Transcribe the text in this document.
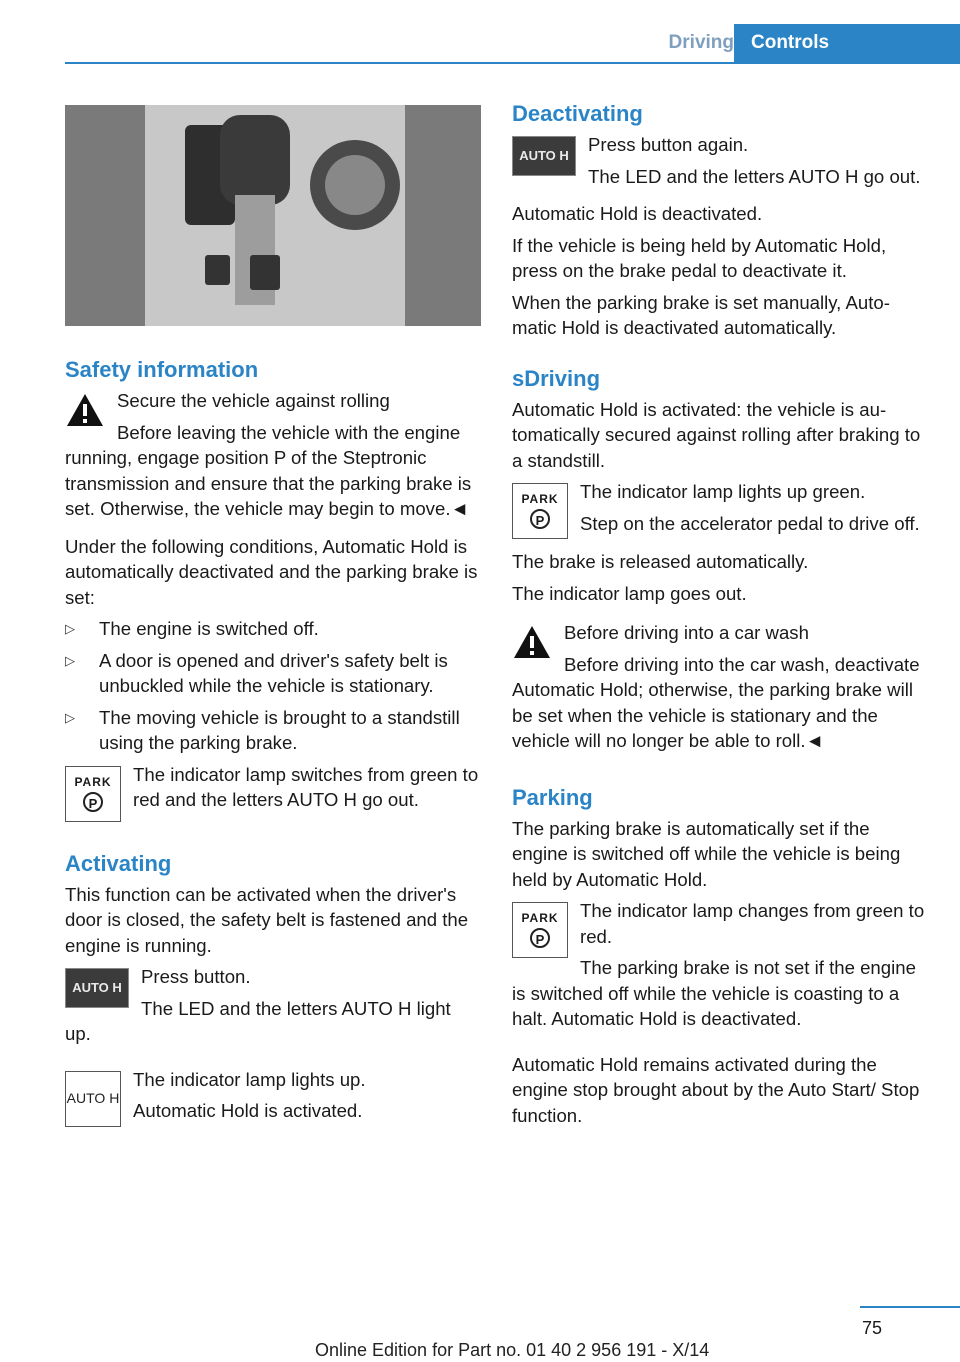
Driving Controls
Safety information

Secure the vehicle against rolling

Before leaving the vehicle with the engine running, engage position P of the Steptronic transmission and ensure that the parking brake is set. Otherwise, the vehicle may begin to move.◄

Under the following conditions, Automatic Hold is automatically deactivated and the parking brake is set:

▷ The engine is switched off.
▷ A door is opened and driver's safety belt is unbuckled while the vehicle is stationary.
▷ The moving vehicle is brought to a standstill using the parking brake.
PARK
P

The indicator lamp switches from green to red and the letters AUTO H go out.

Activating

This function can be activated when the driver's door is closed, the safety belt is fastened and the engine is running.

AUTO H

Press button.

The LED and the letters AUTO H light up.

AUTO H

The indicator lamp lights up.

Automatic Hold is activated.

Deactivating
AUTO H

Press button again.

The LED and the letters AUTO H go out.

Automatic Hold is deactivated.

If the vehicle is being held by Automatic Hold, press on the brake pedal to deactivate it.

When the parking brake is set manually, Automatic Hold is deactivated automatically.

sDriving

Automatic Hold is activated: the vehicle is automatically secured against rolling after braking to a standstill.

PARK
P

The indicator lamp lights up green.

Step on the accelerator pedal to drive off.

The brake is released automatically.

The indicator lamp goes out.

Before driving into a car wash

Before driving into the car wash, deactivate Automatic Hold; otherwise, the parking brake will be set when the vehicle is stationary and the vehicle will no longer be able to roll.◄

Parking

The parking brake is automatically set if the engine is switched off while the vehicle is being held by Automatic Hold.

PARK
P

The indicator lamp changes from green to red.

The parking brake is not set if the engine is switched off while the vehicle is coasting to a halt. Automatic Hold is deactivated.

Automatic Hold remains activated during the engine stop brought about by the Auto Start/ Stop function.

75
Online Edition for Part no. 01 40 2 956 191 - X/14
